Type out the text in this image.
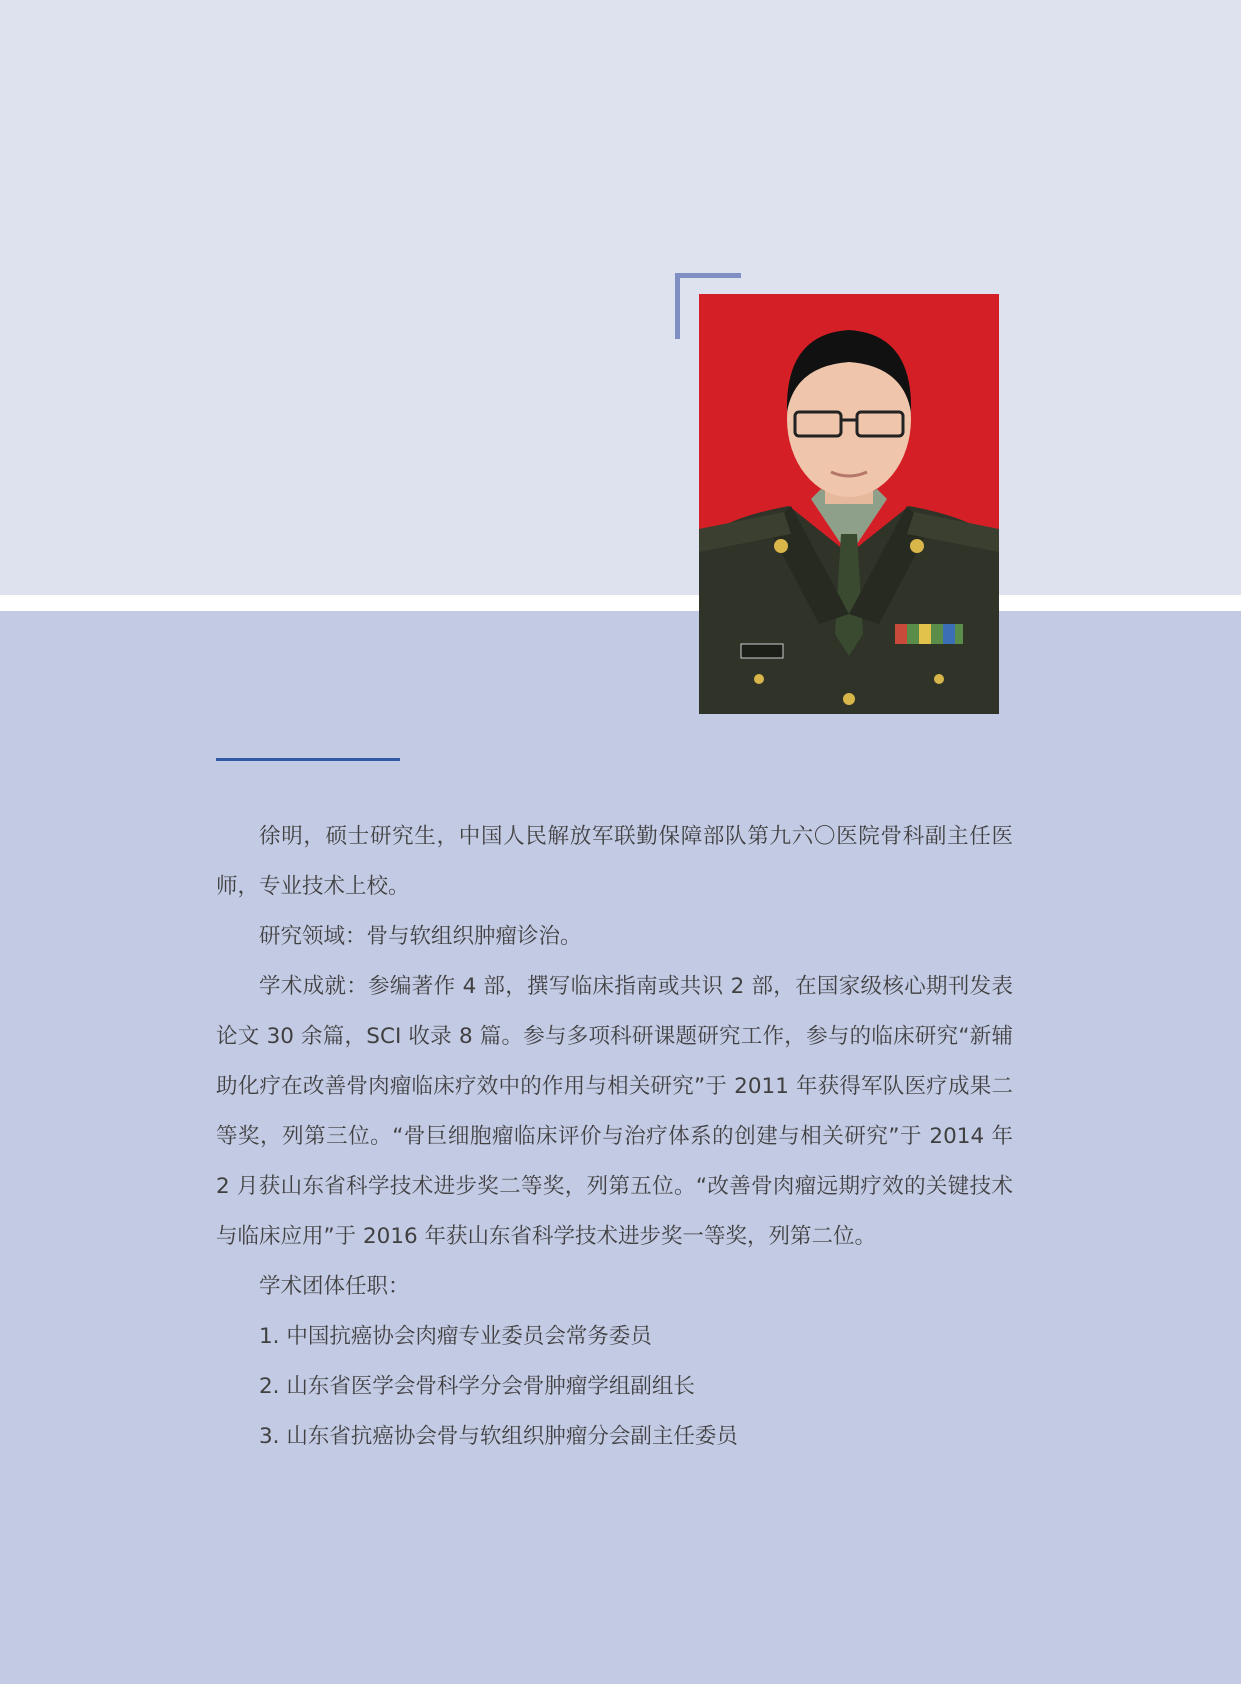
徐明，硕士研究生，中国人民解放军联勤保障部队第九六〇医院骨科副主任医师，专业技术上校。

研究领域：骨与软组织肿瘤诊治。

学术成就：参编著作 4 部，撰写临床指南或共识 2 部，在国家级核心期刊发表论文 30 余篇，SCI 收录 8 篇。参与多项科研课题研究工作，参与的临床研究“新辅助化疗在改善骨肉瘤临床疗效中的作用与相关研究”于 2011 年获得军队医疗成果二等奖，列第三位。“骨巨细胞瘤临床评价与治疗体系的创建与相关研究”于 2014 年 2 月获山东省科学技术进步奖二等奖，列第五位。“改善骨肉瘤远期疗效的关键技术与临床应用”于 2016 年获山东省科学技术进步奖一等奖，列第二位。

学术团体任职：

1. 中国抗癌协会肉瘤专业委员会常务委员

2. 山东省医学会骨科学分会骨肿瘤学组副组长

3. 山东省抗癌协会骨与软组织肿瘤分会副主任委员
